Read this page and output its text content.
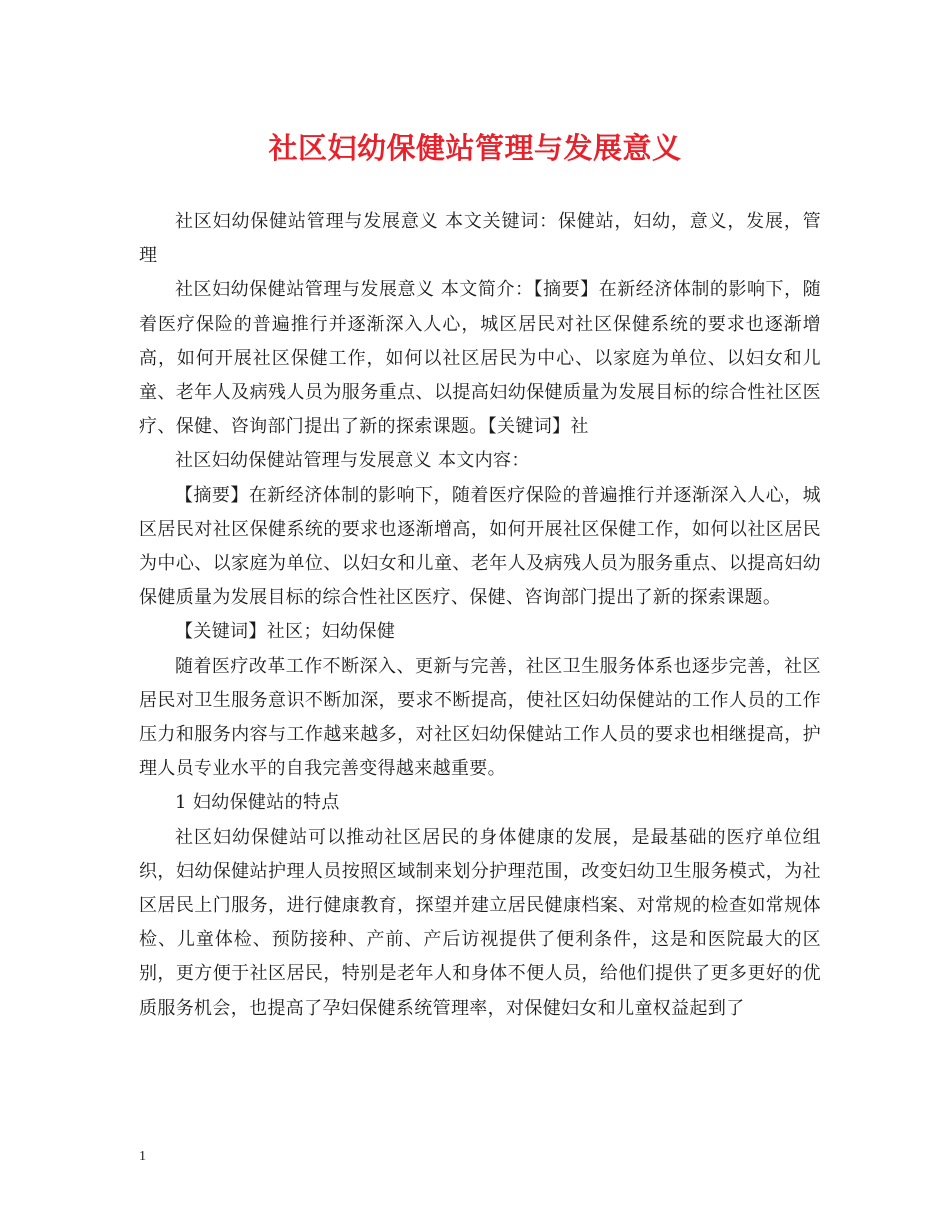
社区妇幼保健站管理与发展意义

社区妇幼保健站管理与发展意义 本文关键词：保健站，妇幼，意义，发展，管理

社区妇幼保健站管理与发展意义 本文简介：【摘要】在新经济体制的影响下，随着医疗保险的普遍推行并逐渐深入人心，城区居民对社区保健系统的要求也逐渐增高，如何开展社区保健工作，如何以社区居民为中心、以家庭为单位、以妇女和儿童、老年人及病残人员为服务重点、以提高妇幼保健质量为发展目标的综合性社区医疗、保健、咨询部门提出了新的探索课题。【关键词】社

社区妇幼保健站管理与发展意义 本文内容：

【摘要】在新经济体制的影响下，随着医疗保险的普遍推行并逐渐深入人心，城区居民对社区保健系统的要求也逐渐增高，如何开展社区保健工作，如何以社区居民为中心、以家庭为单位、以妇女和儿童、老年人及病残人员为服务重点、以提高妇幼保健质量为发展目标的综合性社区医疗、保健、咨询部门提出了新的探索课题。

【关键词】社区；妇幼保健

随着医疗改革工作不断深入、更新与完善，社区卫生服务体系也逐步完善，社区居民对卫生服务意识不断加深，要求不断提高，使社区妇幼保健站的工作人员的工作压力和服务内容与工作越来越多，对社区妇幼保健站工作人员的要求也相继提高，护理人员专业水平的自我完善变得越来越重要。

1 妇幼保健站的特点

社区妇幼保健站可以推动社区居民的身体健康的发展，是最基础的医疗单位组织，妇幼保健站护理人员按照区域制来划分护理范围，改变妇幼卫生服务模式，为社区居民上门服务，进行健康教育，探望并建立居民健康档案、对常规的检查如常规体检、儿童体检、预防接种、产前、产后访视提供了便利条件，这是和医院最大的区别，更方便于社区居民，特别是老年人和身体不便人员，给他们提供了更多更好的优质服务机会，也提高了孕妇保健系统管理率，对保健妇女和儿童权益起到了

1
